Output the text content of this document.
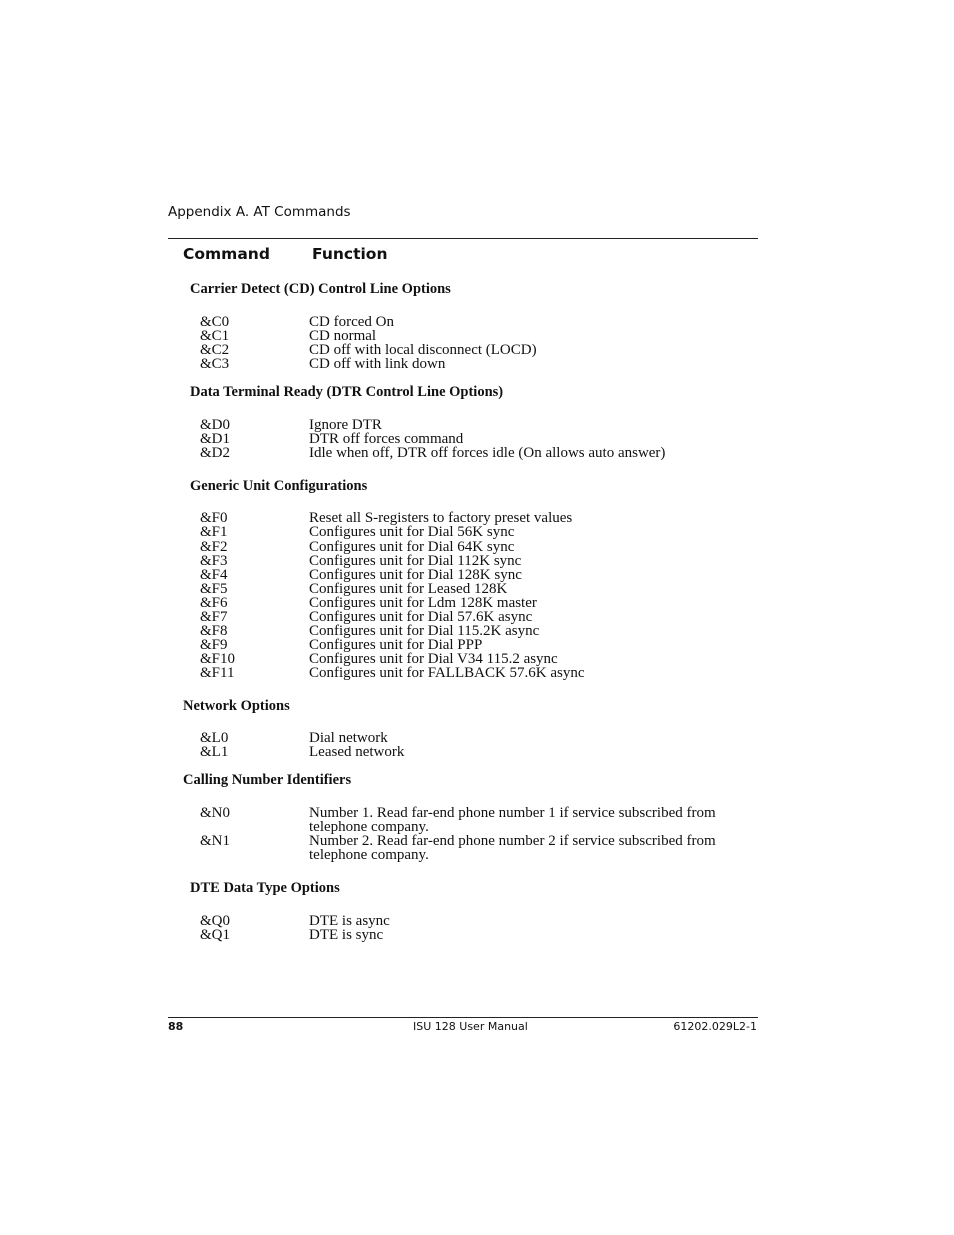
Appendix A. AT Commands
Command	Function
Carrier Detect (CD) Control Line Options
&C0	CD forced On
&C1	CD normal
&C2	CD off with local disconnect (LOCD)
&C3	CD off with link down
Data Terminal Ready (DTR Control Line Options)
&D0	Ignore DTR
&D1	DTR off forces command
&D2	Idle when off, DTR off forces idle (On allows auto answer)
Generic Unit Configurations
&F0	Reset all S-registers to factory preset values
&F1	Configures unit for Dial 56K sync
&F2	Configures unit for Dial 64K sync
&F3	Configures unit for Dial 112K sync
&F4	Configures unit for Dial 128K sync
&F5	Configures unit for Leased 128K
&F6	Configures unit for Ldm 128K master
&F7	Configures unit for Dial 57.6K async
&F8	Configures unit for Dial 115.2K async
&F9	Configures unit for Dial PPP
&F10	Configures unit for Dial V34 115.2 async
&F11	Configures unit for FALLBACK 57.6K async
Network Options
&L0	Dial network
&L1	Leased network
Calling Number Identifiers
&N0	Number 1. Read far-end phone number 1 if service subscribed from telephone company.
&N1	Number 2. Read far-end phone number 2 if service subscribed from telephone company.
DTE Data Type Options
&Q0	DTE is async
&Q1	DTE is sync
88	ISU 128 User Manual	61202.029L2-1
